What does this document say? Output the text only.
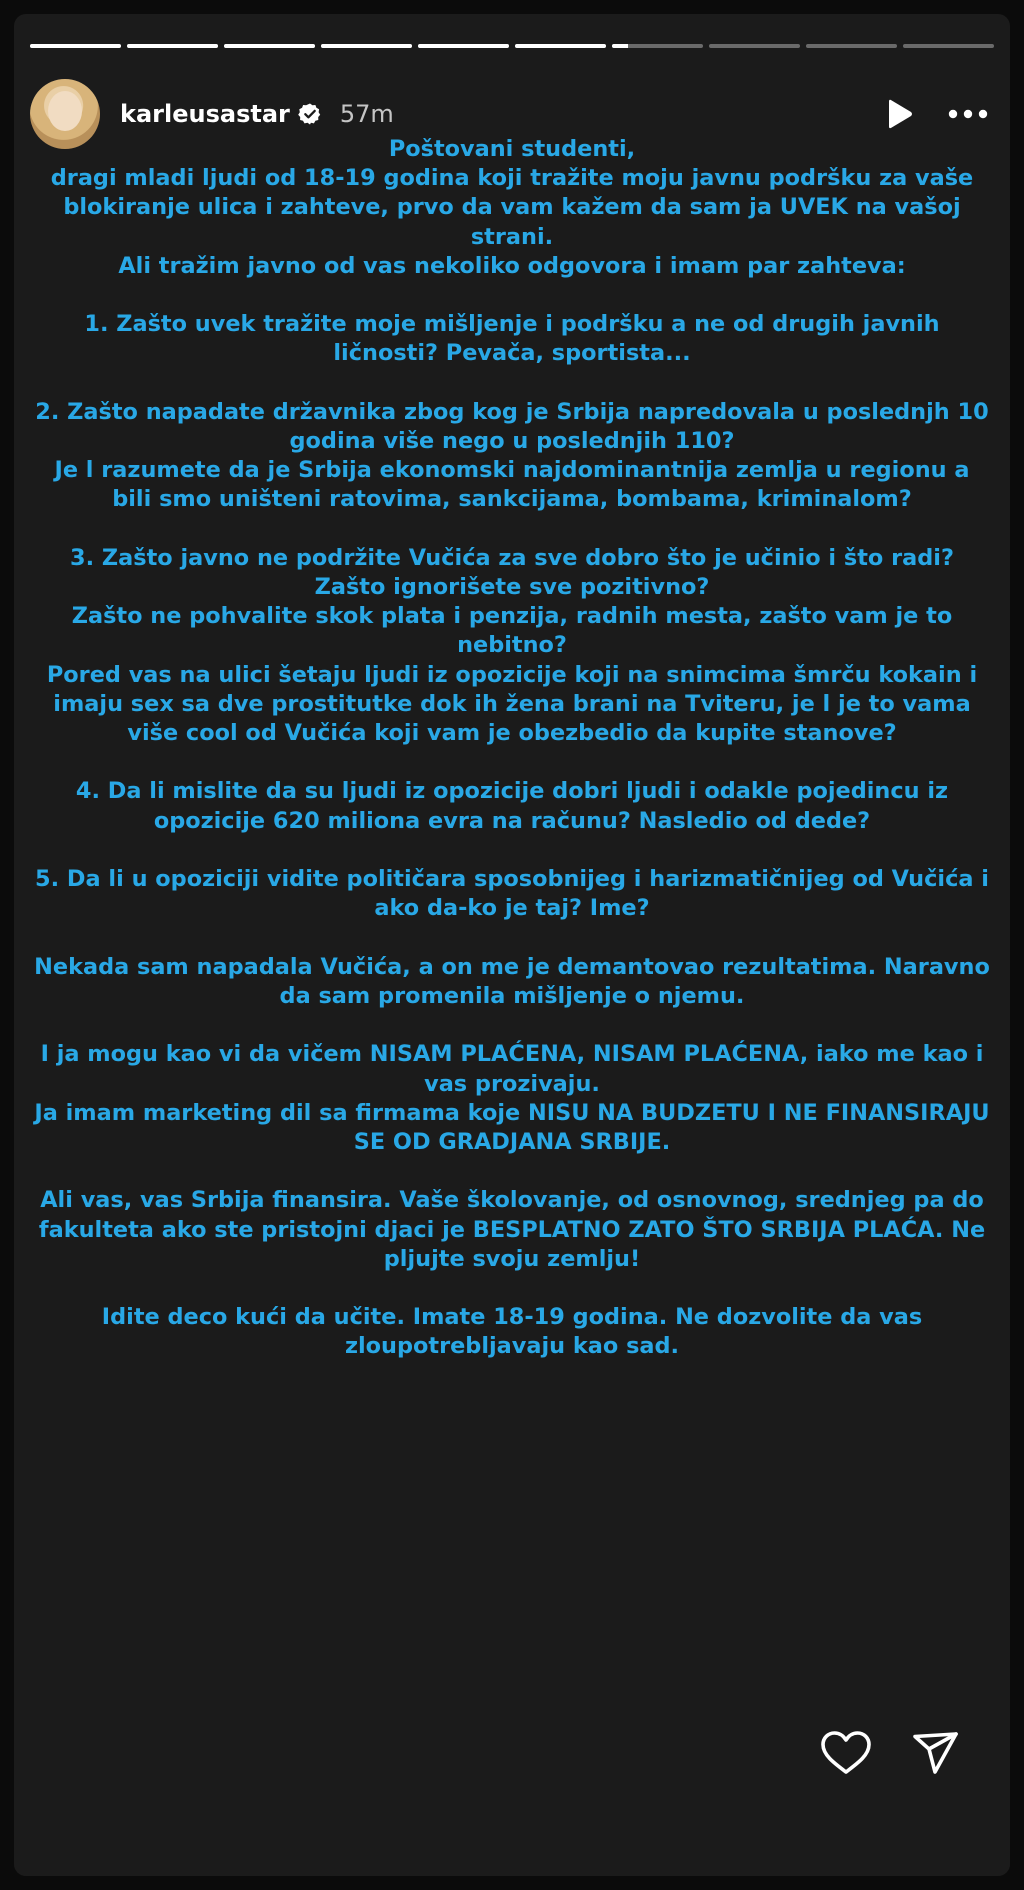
karleusastar 57m

Poštovani studenti,
dragi mladi ljudi od 18-19 godina koji tražite moju javnu podršku za vaše blokiranje ulica i zahteve, prvo da vam kažem da sam ja UVEK na vašoj strani.
Ali tražim javno od vas nekoliko odgovora i imam par zahteva:

1. Zašto uvek tražite moje mišljenje i podršku a ne od drugih javnih ličnosti? Pevača, sportista...

2. Zašto napadate državnika zbog kog je Srbija napredovala u poslednjh 10 godina više nego u poslednjih 110?
Je l razumete da je Srbija ekonomski najdominantnija zemlja u regionu a bili smo uništeni ratovima, sankcijama, bombama, kriminalom?

3. Zašto javno ne podržite Vučića za sve dobro što je učinio i što radi? Zašto ignorišete sve pozitivno?
Zašto ne pohvalite skok plata i penzija, radnih mesta, zašto vam je to nebitno?
Pored vas na ulici šetaju ljudi iz opozicije koji na snimcima šmrču kokain i imaju sex sa dve prostitutke dok ih žena brani na Tviteru, je l je to vama više cool od Vučića koji vam je obezbedio da kupite stanove?

4. Da li mislite da su ljudi iz opozicije dobri ljudi i odakle pojedincu iz opozicije 620 miliona evra na računu? Nasledio od dede?

5. Da li u opoziciji vidite političara sposobnijeg i harizmatičnijeg od Vučića i ako da-ko je taj? Ime?

Nekada sam napadala Vučića, a on me je demantovao rezultatima. Naravno da sam promenila mišljenje o njemu.

I ja mogu kao vi da vičem NISAM PLAĆENA, NISAM PLAĆENA, iako me kao i vas prozivaju.
Ja imam marketing dil sa firmama koje NISU NA BUDZETU I NE FINANSIRAJU SE OD GRADJANA SRBIJE.

Ali vas, vas Srbija finansira. Vaše školovanje, od osnovnog, srednjeg pa do fakulteta ako ste pristojni djaci je BESPLATNO ZATO ŠTO SRBIJA PLAĆA. Ne pljujte svoju zemlju!

Idite deco kući da učite. Imate 18-19 godina. Ne dozvolite da vas zloupotrebljavaju kao sad.
